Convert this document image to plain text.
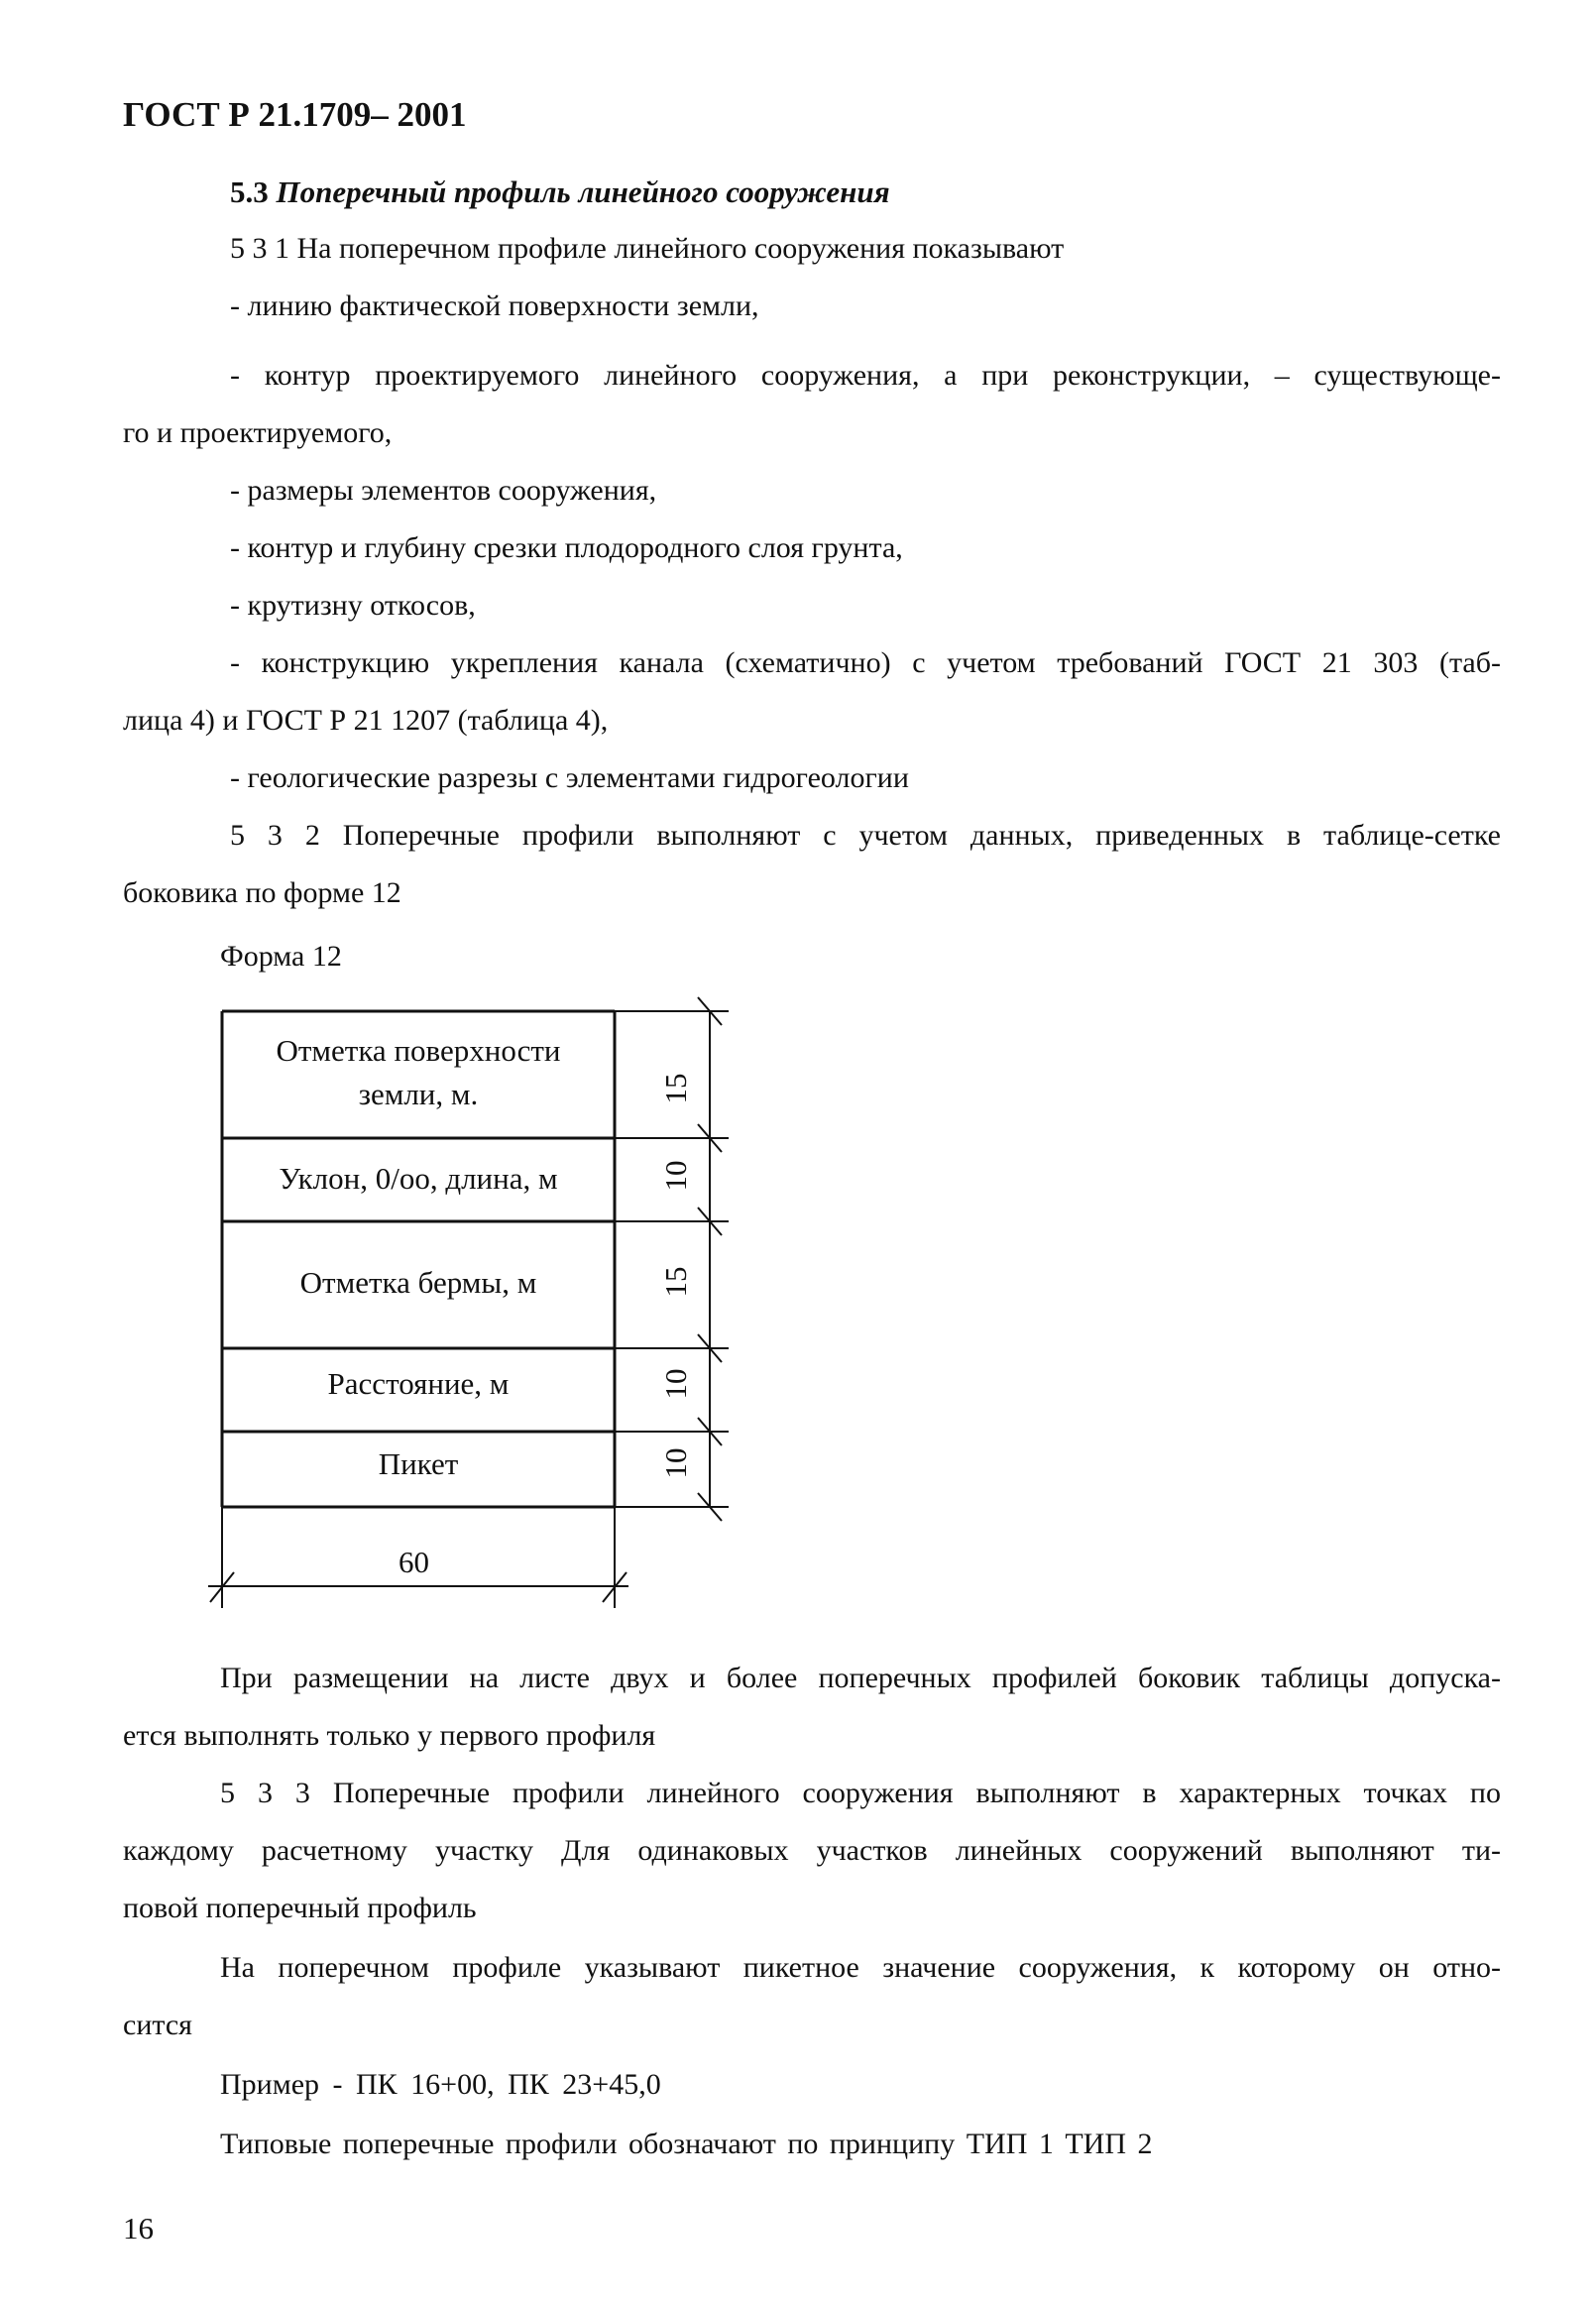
ГОСТ Р 21.1709– 2001
5.3 Поперечный профиль линейного сооружения
5 3 1 На поперечном профиле линейного сооружения показывают
- линию фактической поверхности земли,
- контур проектируемого линейного сооружения, а при реконструкции, – существующе-
го и проектируемого,
- размеры элементов сооружения,
- контур и глубину срезки плодородного слоя грунта,
- крутизну откосов,
- конструкцию укрепления канала (схематично) с учетом требований ГОСТ 21 303 (таб-
лица 4) и ГОСТ Р 21 1207 (таблица 4),
- геологические разрезы с элементами гидрогеологии
5 3 2 Поперечные профили выполняют с учетом данных, приведенных в таблице-сетке
боковика по форме 12
Форма 12
Отметка поверхности
земли, м.
Уклон, 0/оо, длина, м
Отметка бермы, м
Расстояние, м
Пикет
15
10
15
10
10
60
При размещении на листе двух и более поперечных профилей боковик таблицы допуска-
ется выполнять только у первого профиля
5 3 3 Поперечные профили линейного сооружения выполняют в характерных точках по
каждому расчетному участку Для одинаковых участков линейных сооружений выполняют ти-
повой поперечный профиль
На поперечном профиле указывают пикетное значение сооружения, к которому он отно-
сится
Пример - ПК 16+00, ПК 23+45,0
Типовые поперечные профили обозначают по принципу ТИП 1 ТИП 2
16
